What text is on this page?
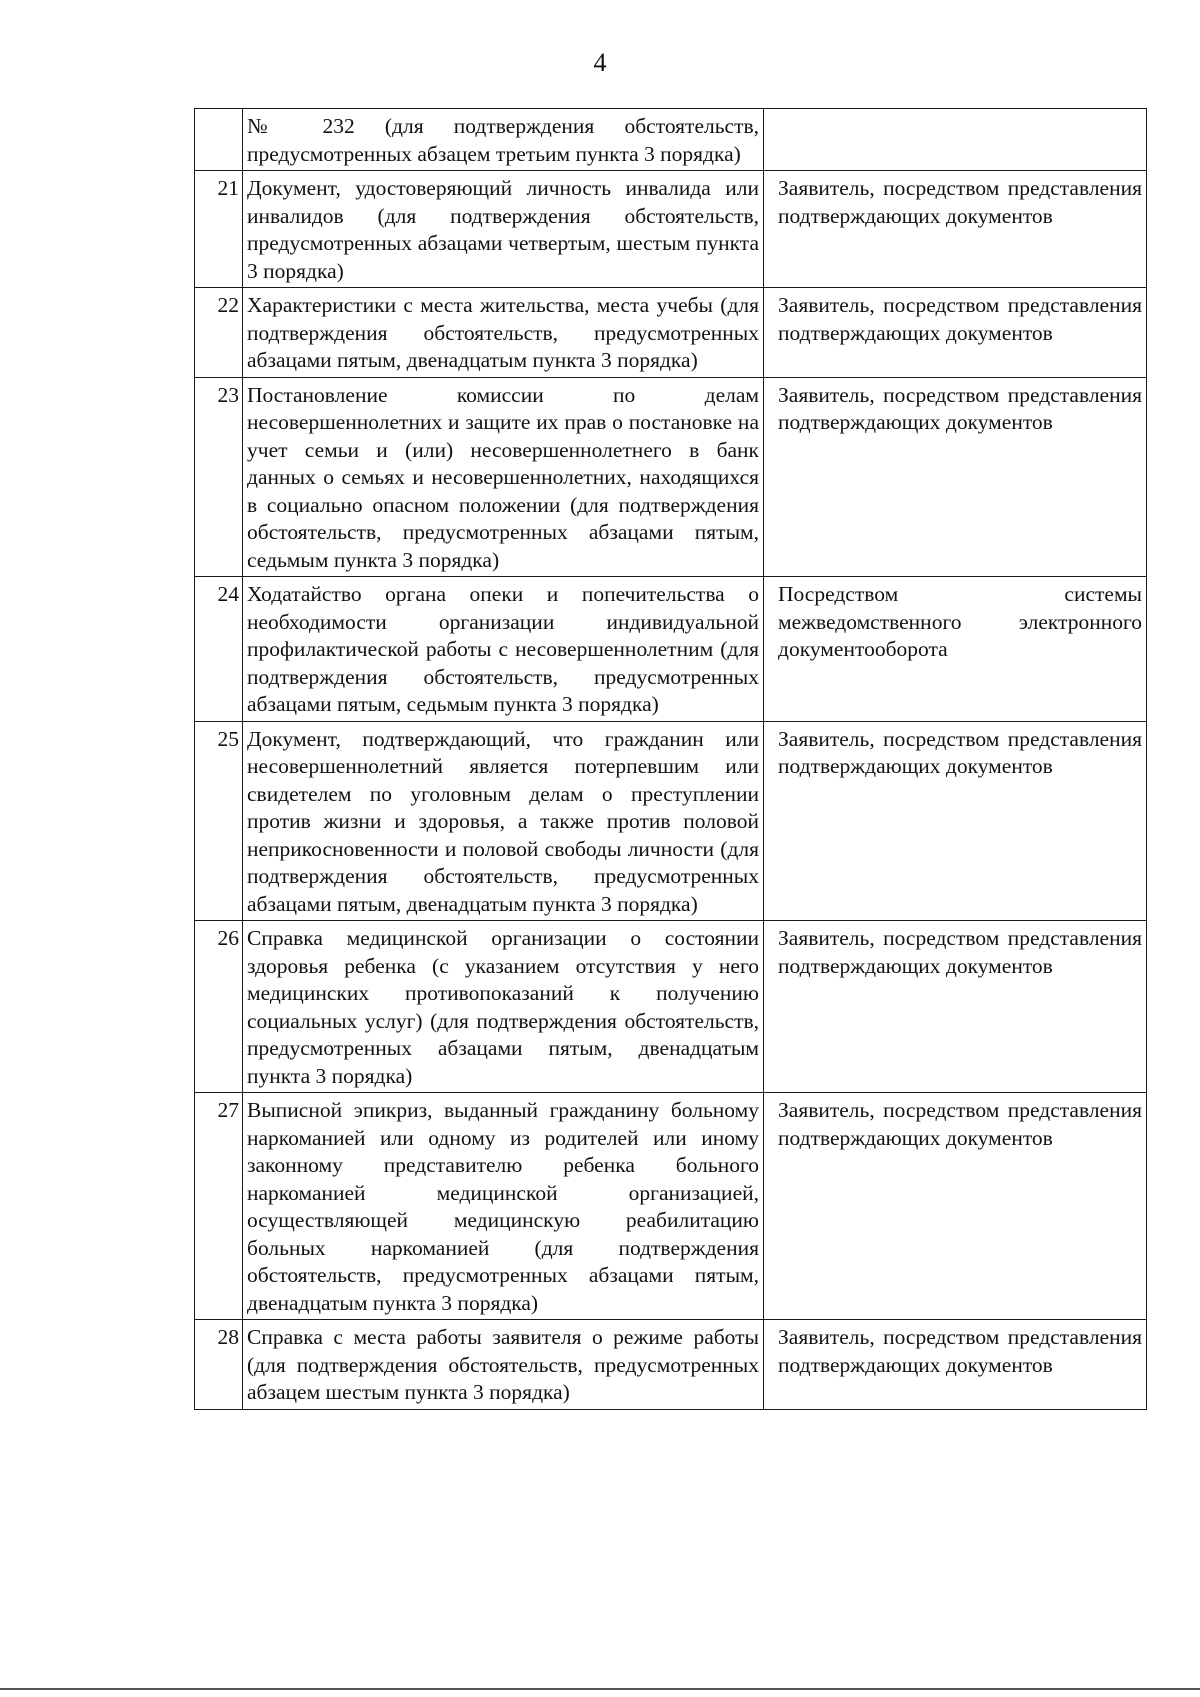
4
	№ 232 (для подтверждения обстоятельств, предусмотренных абзацем третьим пункта 3 порядка)	
21	Документ, удостоверяющий личность инвалида или инвалидов (для подтверждения обстоятельств, предусмотренных абзацами четвертым, шестым пункта 3 порядка)	Заявитель, посредством представления подтверждающих документов
22	Характеристики с места жительства, места учебы (для подтверждения обстоятельств, предусмотренных абзацами пятым, двенадцатым пункта 3 порядка)	Заявитель, посредством представления подтверждающих документов
23	Постановление комиссии по делам несовершеннолетних и защите их прав о постановке на учет семьи и (или) несовершеннолетнего в банк данных о семьях и несовершеннолетних, находящихся в социально опасном положении (для подтверждения обстоятельств, предусмотренных абзацами пятым, седьмым пункта 3 порядка)	Заявитель, посредством представления подтверждающих документов
24	Ходатайство органа опеки и попечительства о необходимости организации индивидуальной профилактической работы с несовершеннолетним (для подтверждения обстоятельств, предусмотренных абзацами пятым, седьмым пункта 3 порядка)	Посредством системы межведомственного электронного документооборота
25	Документ, подтверждающий, что гражданин или несовершеннолетний является потерпевшим или свидетелем по уголовным делам о преступлении против жизни и здоровья, а также против половой неприкосновенности и половой свободы личности (для подтверждения обстоятельств, предусмотренных абзацами пятым, двенадцатым пункта 3 порядка)	Заявитель, посредством представления подтверждающих документов
26	Справка медицинской организации о состоянии здоровья ребенка (с указанием отсутствия у него медицинских противопоказаний к получению социальных услуг) (для подтверждения обстоятельств, предусмотренных абзацами пятым, двенадцатым пункта 3 порядка)	Заявитель, посредством представления подтверждающих документов
27	Выписной эпикриз, выданный гражданину больному наркоманией или одному из родителей или иному законному представителю ребенка больного наркоманией медицинской организацией, осуществляющей медицинскую реабилитацию больных наркоманией (для подтверждения обстоятельств, предусмотренных абзацами пятым, двенадцатым пункта 3 порядка)	Заявитель, посредством представления подтверждающих документов
28	Справка с места работы заявителя о режиме работы (для подтверждения обстоятельств, предусмотренных абзацем шестым пункта 3 порядка)	Заявитель, посредством представления подтверждающих документов
